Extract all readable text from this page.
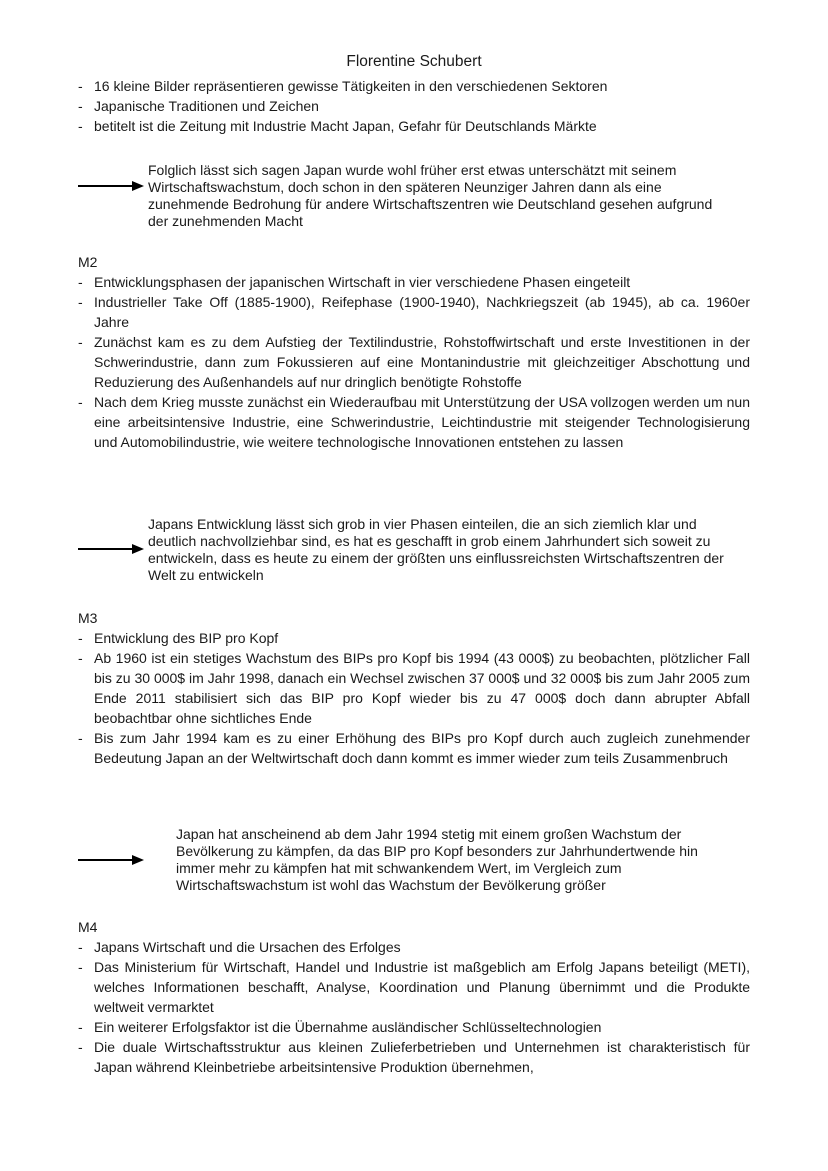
Florentine Schubert
- 16 kleine Bilder repräsentieren gewisse Tätigkeiten in den verschiedenen Sektoren
- Japanische Traditionen und Zeichen
- betitelt ist die Zeitung mit Industrie Macht Japan, Gefahr für Deutschlands Märkte

Folglich lässt sich sagen Japan wurde wohl früher erst etwas unterschätzt mit seinem Wirtschaftswachstum, doch schon in den späteren Neunziger Jahren dann als eine zunehmende Bedrohung für andere Wirtschaftszentren wie Deutschland gesehen aufgrund der zunehmenden Macht

M2

- Entwicklungsphasen der japanischen Wirtschaft in vier verschiedene Phasen eingeteilt
- Industrieller Take Off (1885-1900), Reifephase (1900-1940), Nachkriegszeit (ab 1945), ab ca. 1960er Jahre
- Zunächst kam es zu dem Aufstieg der Textilindustrie, Rohstoffwirtschaft und erste Investitionen in der Schwerindustrie, dann zum Fokussieren auf eine Montanindustrie mit gleichzeitiger Abschottung und Reduzierung des Außenhandels auf nur dringlich benötigte Rohstoffe
- Nach dem Krieg musste zunächst ein Wiederaufbau mit Unterstützung der USA vollzogen werden um nun eine arbeitsintensive Industrie, eine Schwerindustrie, Leichtindustrie mit steigender Technologisierung und Automobilindustrie, wie weitere technologische Innovationen entstehen zu lassen

Japans Entwicklung lässt sich grob in vier Phasen einteilen, die an sich ziemlich klar und deutlich nachvollziehbar sind, es hat es geschafft in grob einem Jahrhundert sich soweit zu entwickeln, dass es heute zu einem der größten uns einflussreichsten Wirtschaftszentren der Welt zu entwickeln

M3

- Entwicklung des BIP pro Kopf
- Ab 1960 ist ein stetiges Wachstum des BIPs pro Kopf bis 1994 (43 000$) zu beobachten, plötzlicher Fall bis zu 30 000$ im Jahr 1998, danach ein Wechsel zwischen 37 000$ und 32 000$ bis zum Jahr 2005 zum Ende 2011 stabilisiert sich das BIP pro Kopf wieder bis zu 47 000$ doch dann abrupter Abfall beobachtbar ohne sichtliches Ende
- Bis zum Jahr 1994 kam es zu einer Erhöhung des BIPs pro Kopf durch auch zugleich zunehmender Bedeutung Japan an der Weltwirtschaft doch dann kommt es immer wieder zum teils Zusammenbruch

Japan hat anscheinend ab dem Jahr 1994 stetig mit einem großen Wachstum der Bevölkerung zu kämpfen, da das BIP pro Kopf besonders zur Jahrhundertwende hin immer mehr zu kämpfen hat mit schwankendem Wert, im Vergleich zum Wirtschaftswachstum ist wohl das Wachstum der Bevölkerung größer

M4

- Japans Wirtschaft und die Ursachen des Erfolges
- Das Ministerium für Wirtschaft, Handel und Industrie ist maßgeblich am Erfolg Japans beteiligt (METI), welches Informationen beschafft, Analyse, Koordination und Planung übernimmt und die Produkte weltweit vermarktet
- Ein weiterer Erfolgsfaktor ist die Übernahme ausländischer Schlüsseltechnologien
- Die duale Wirtschaftsstruktur aus kleinen Zulieferbetrieben und Unternehmen ist charakteristisch für Japan während Kleinbetriebe arbeitsintensive Produktion übernehmen,
